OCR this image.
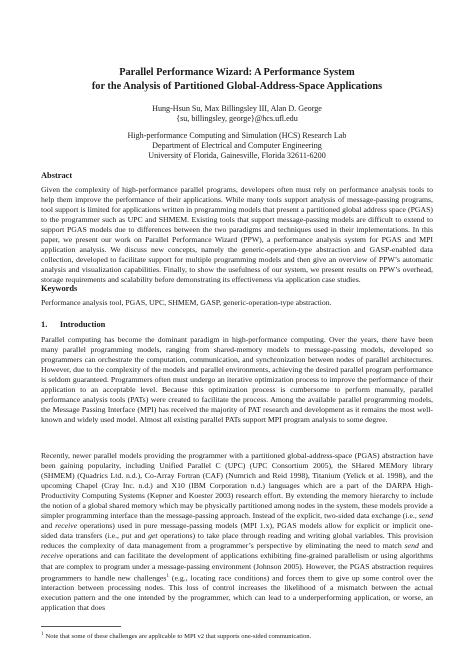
Parallel Performance Wizard: A Performance System
for the Analysis of Partitioned Global-Address-Space Applications
Hung-Hsun Su, Max Billingsley III, Alan D. George
{su, billingsley, george}@hcs.ufl.edu
High-performance Computing and Simulation (HCS) Research Lab
Department of Electrical and Computer Engineering
University of Florida, Gainesville, Florida 32611-6200
Abstract

Given the complexity of high-performance parallel programs, developers often must rely on performance analysis tools to help them improve the performance of their applications. While many tools support analysis of message-passing programs, tool support is limited for applications written in programming models that present a partitioned global address space (PGAS) to the programmer such as UPC and SHMEM. Existing tools that support message-passing models are difficult to extend to support PGAS models due to differences between the two paradigms and techniques used in their implementations. In this paper, we present our work on Parallel Performance Wizard (PPW), a performance analysis system for PGAS and MPI application analysis. We discuss new concepts, namely the generic-operation-type abstraction and GASP-enabled data collection, developed to facilitate support for multiple programming models and then give an overview of PPW’s automatic analysis and visualization capabilities. Finally, to show the usefulness of our system, we present results on PPW’s overhead, storage requirements and scalability before demonstrating its effectiveness via application case studies.

Keywords

Performance analysis tool, PGAS, UPC, SHMEM, GASP, generic-operation-type abstraction.

1.  Introduction

Parallel computing has become the dominant paradigm in high-performance computing. Over the years, there have been many parallel programming models, ranging from shared-memory models to message-passing models, developed so programmers can orchestrate the computation, communication, and synchronization between nodes of parallel architectures. However, due to the complexity of the models and parallel environments, achieving the desired parallel program performance is seldom guaranteed. Programmers often must undergo an iterative optimization process to improve the performance of their application to an acceptable level. Because this optimization process is cumbersome to perform manually, parallel performance analysis tools (PATs) were created to facilitate the process. Among the available parallel programming models, the Message Passing Interface (MPI) has received the majority of PAT research and development as it remains the most well-known and widely used model. Almost all existing parallel PATs support MPI program analysis to some degree.

Recently, newer parallel models providing the programmer with a partitioned global-address-space (PGAS) abstraction have been gaining popularity, including Unified Parallel C (UPC) (UPC Consortium 2005), the SHared MEMory library (SHMEM) (Quadrics Ltd. n.d.), Co-Array Fortran (CAF) (Numrich and Reid 1998), Titanium (Yelick et al. 1998), and the upcoming Chapel (Cray Inc. n.d.) and X10 (IBM Corporation n.d.) languages which are a part of the DARPA High-Productivity Computing Systems (Kepner and Koester 2003) research effort. By extending the memory hierarchy to include the notion of a global shared memory which may be physically partitioned among nodes in the system, these models provide a simpler programming interface than the message-passing approach. Instead of the explicit, two-sided data exchange (i.e., send and receive operations) used in pure message-passing models (MPI 1.x), PGAS models allow for explicit or implicit one-sided data transfers (i.e., put and get operations) to take place through reading and writing global variables. This provision reduces the complexity of data management from a programmer’s perspective by eliminating the need to match send and receive operations and can facilitate the development of applications exhibiting fine-grained parallelism or using algorithms that are complex to program under a message-passing environment (Johnson 2005). However, the PGAS abstraction requires programmers to handle new challenges$^1$ (e.g., locating race conditions) and forces them to give up some control over the interaction between processing nodes. This loss of control increases the likelihood of a mismatch between the actual execution pattern and the one intended by the programmer, which can lead to a underperforming application, or worse, an application that does

$^1$ Note that some of these challenges are applicable to MPI v2 that supports one-sided communication.
